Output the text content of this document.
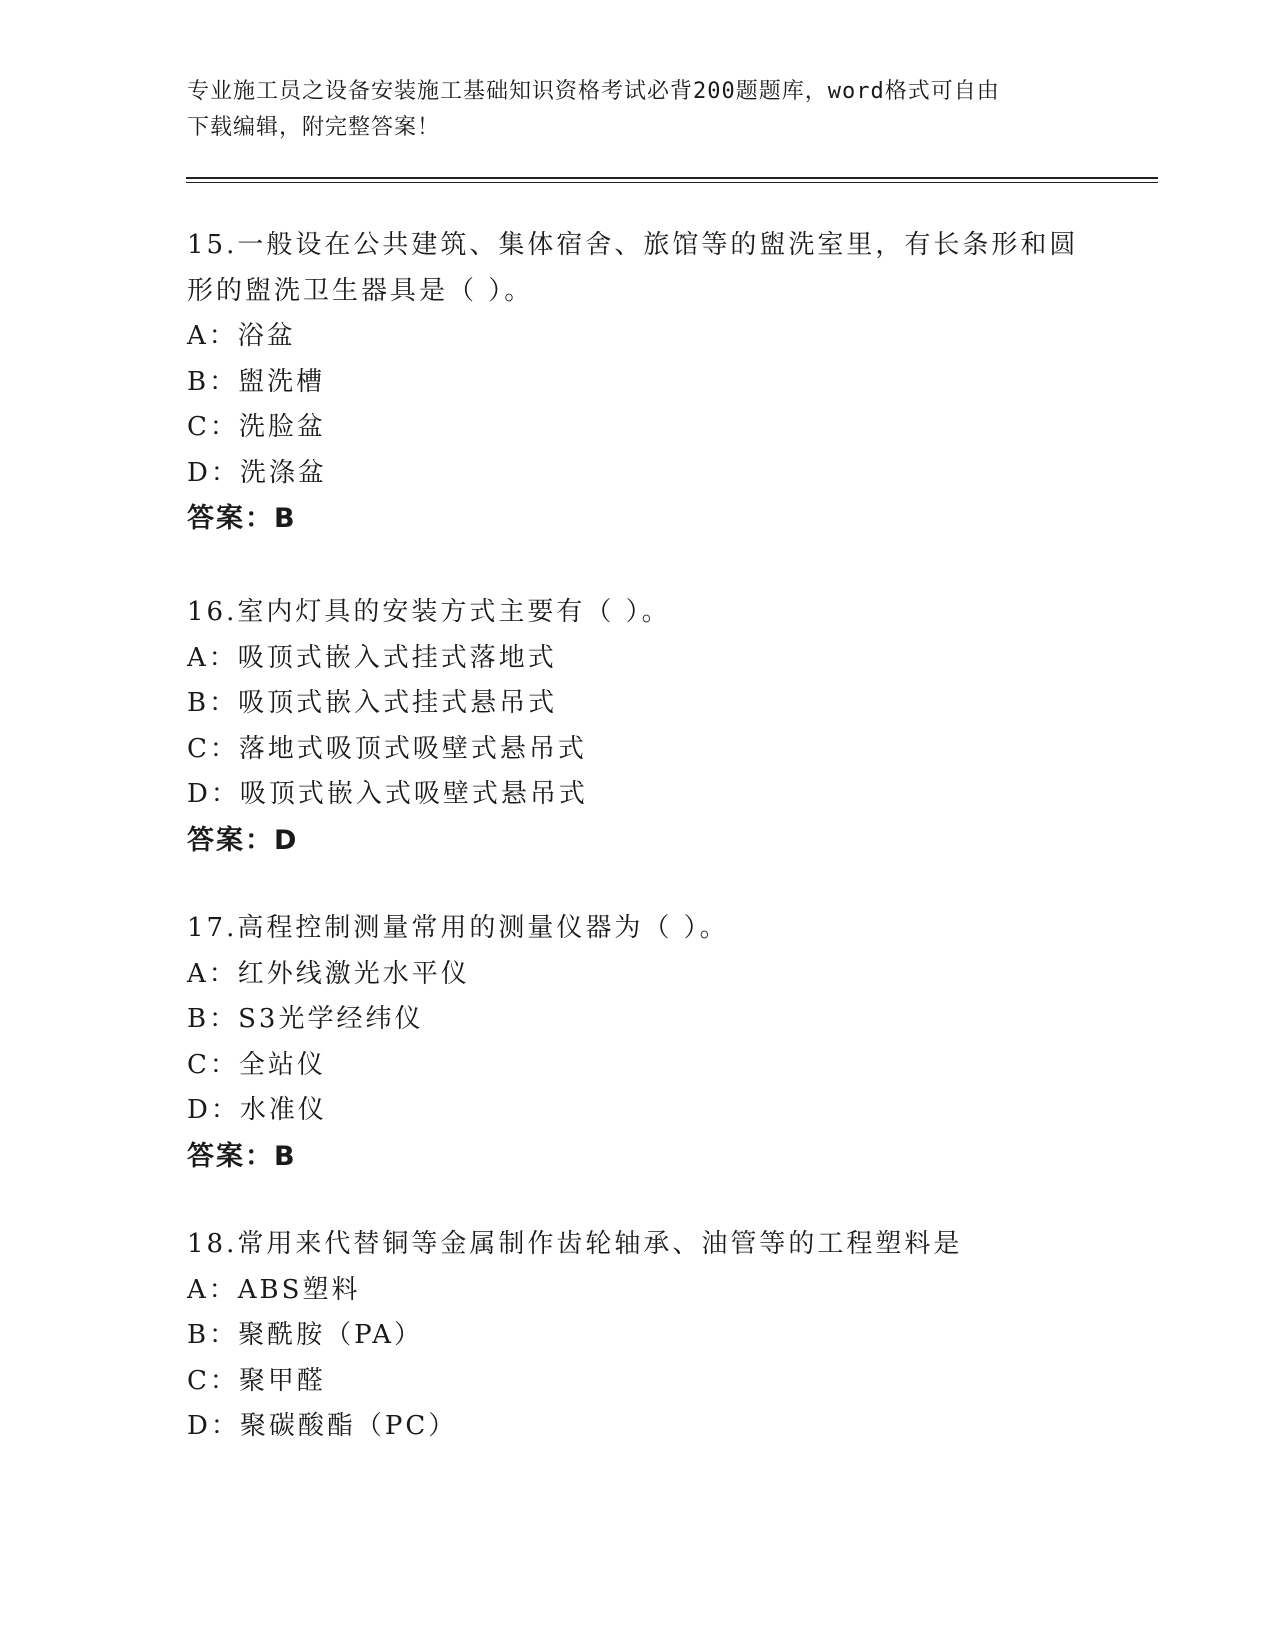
专业施工员之设备安装施工基础知识资格考试必背200题题库，word格式可自由
下载编辑，附完整答案！

15.一般设在公共建筑、集体宿舍、旅馆等的盥洗室里，有长条形和圆

形的盥洗卫生器具是（ ）。

A：浴盆

B：盥洗槽

C：洗脸盆

D：洗涤盆

答案：B

16.室内灯具的安装方式主要有（ ）。

A：吸顶式嵌入式挂式落地式

B：吸顶式嵌入式挂式悬吊式

C：落地式吸顶式吸壁式悬吊式

D：吸顶式嵌入式吸壁式悬吊式

答案：D

17.高程控制测量常用的测量仪器为（ ）。

A：红外线激光水平仪

B：S3光学经纬仪

C：全站仪

D：水准仪

答案：B

18.常用来代替铜等金属制作齿轮轴承、油管等的工程塑料是

A：ABS塑料

B：聚酰胺（PA）

C：聚甲醛

D：聚碳酸酯（PC）
